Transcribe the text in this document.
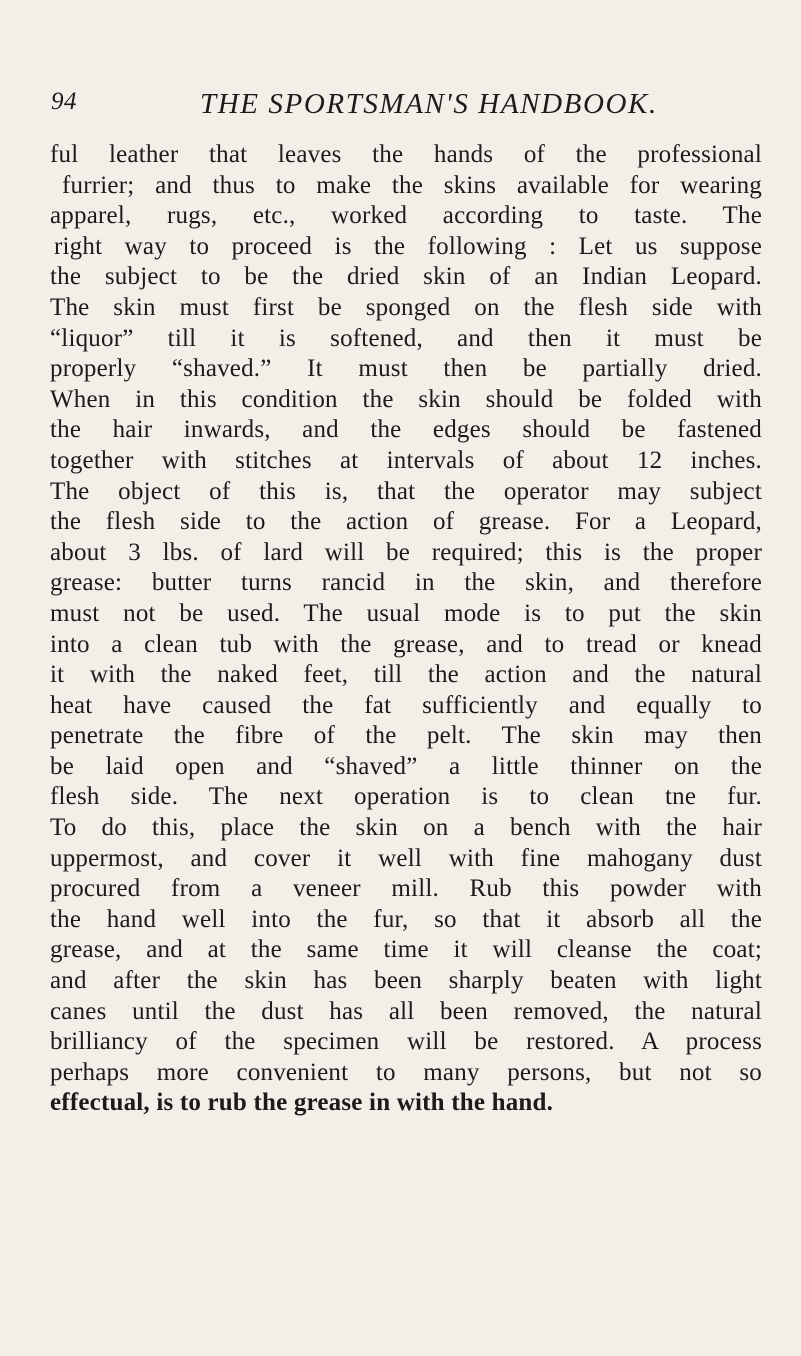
94	THE SPORTSMAN'S HANDBOOK.
ful leather that leaves the hands of the professional
furrier; and thus to make the skins available for wearing
apparel, rugs, etc., worked according to taste. The
right way to proceed is the following : Let us suppose
the subject to be the dried skin of an Indian Leopard.
The skin must first be sponged on the flesh side with
“liquor” till it is softened, and then it must be
properly “shaved.” It must then be partially dried.
When in this condition the skin should be folded with
the hair inwards, and the edges should be fastened
together with stitches at intervals of about 12 inches.
The object of this is, that the operator may subject
the flesh side to the action of grease. For a Leopard,
about 3 lbs. of lard will be required; this is the proper
grease: butter turns rancid in the skin, and therefore
must not be used. The usual mode is to put the skin
into a clean tub with the grease, and to tread or knead
it with the naked feet, till the action and the natural
heat have caused the fat sufficiently and equally to
penetrate the fibre of the pelt. The skin may then
be laid open and “shaved” a little thinner on the
flesh side. The next operation is to clean tne fur.
To do this, place the skin on a bench with the hair
uppermost, and cover it well with fine mahogany dust
procured from a veneer mill. Rub this powder with
the hand well into the fur, so that it absorb all the
grease, and at the same time it will cleanse the coat;
and after the skin has been sharply beaten with light
canes until the dust has all been removed, the natural
brilliancy of the specimen will be restored. A process
perhaps more convenient to many persons, but not so
effectual, is to rub the grease in with the hand.
